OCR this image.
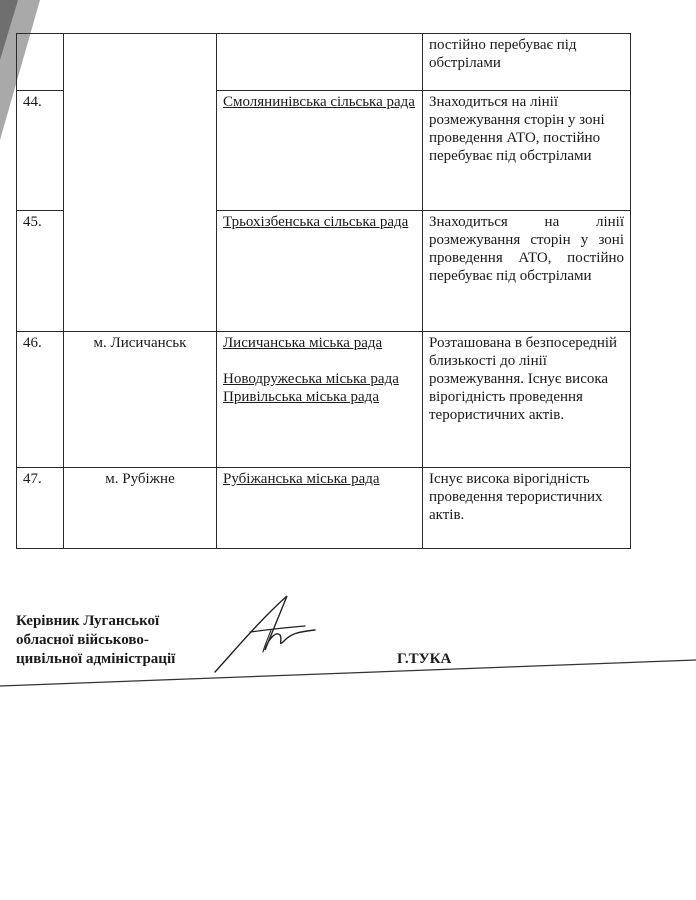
			постійно перебуває під обстрілами

44.		Смолянинівська сільська рада	Знаходиться на лінії розмежування сторін у зоні проведення АТО, постійно перебуває під обстрілами

45.		Трьохізбенська сільська рада	Знаходиться на лінії розмежування сторін у зоні проведення АТО, постійно перебуває під обстрілами

46.	м. Лисичанськ	Лисичанська міська рада
Новодружеська міська рада
Привільська міська рада	Розташована в безпосередній близькості до лінії розмежування. Існує висока вірогідність проведення терористичних актів.

47.	м. Рубіжне	Рубіжанська міська рада	Існує висока вірогідність проведення терористичних актів.
Керівник Луганської
обласної військово-
цивільної адміністрації	Г.ТУКА
